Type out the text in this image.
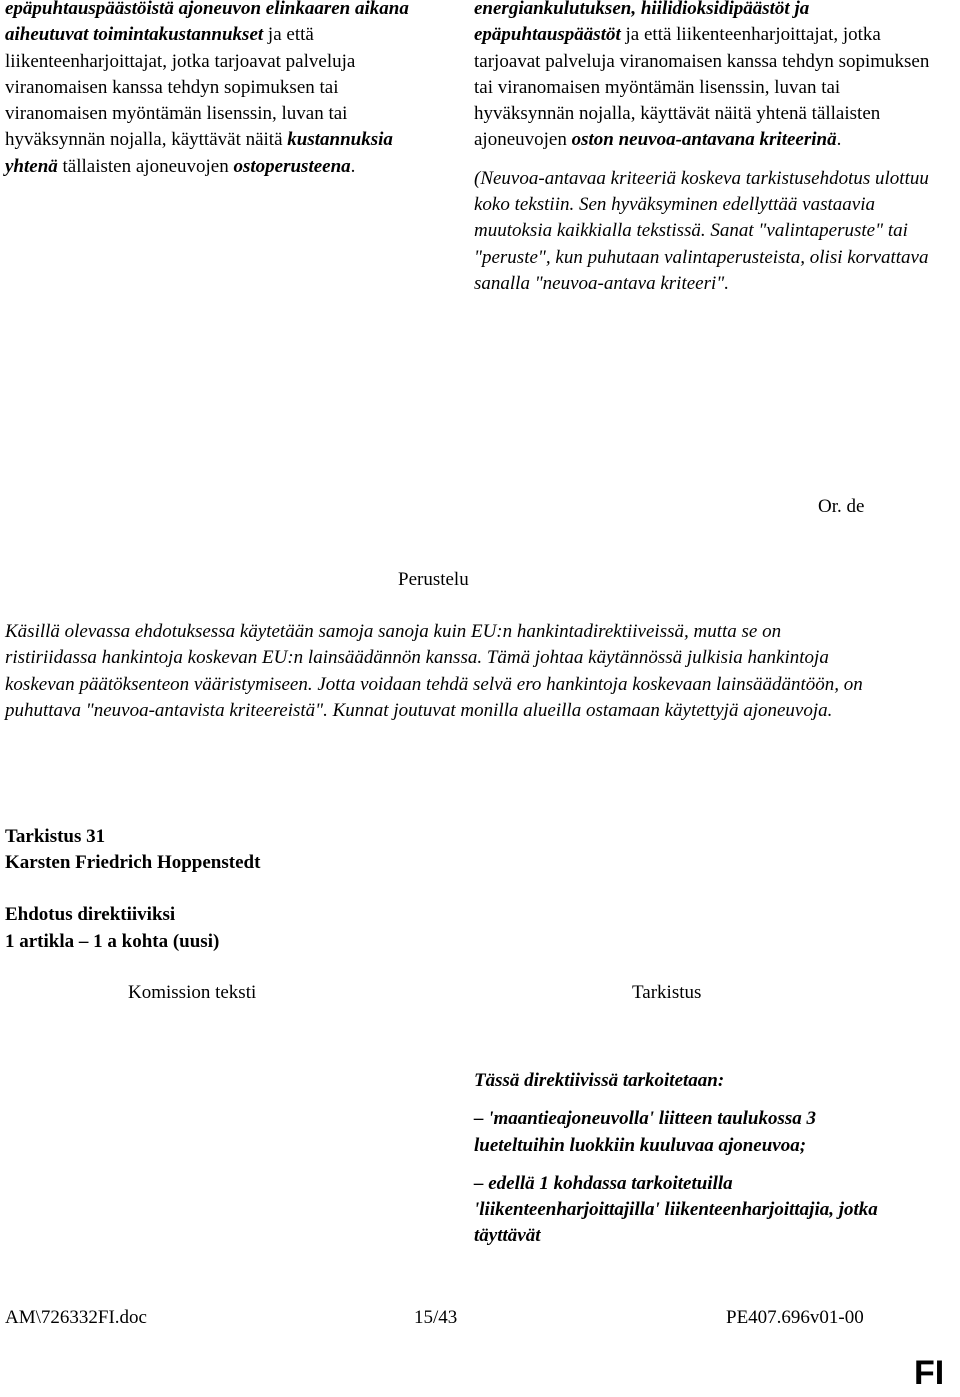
epäpuhtauspäästöistä ajoneuvon elinkaaren aikana aiheutuvat toimintakustannukset ja että liikenteenharjoittajat, jotka tarjoavat palveluja viranomaisen kanssa tehdyn sopimuksen tai viranomaisen myöntämän lisenssin, luvan tai hyväksynnän nojalla, käyttävät näitä kustannuksia yhtenä tällaisten ajoneuvojen ostoperusteena.

energiankulutuksen, hiilidioksidipäästöt ja epäpuhtauspäästöt ja että liikenteenharjoittajat, jotka tarjoavat palveluja viranomaisen kanssa tehdyn sopimuksen tai viranomaisen myöntämän lisenssin, luvan tai hyväksynnän nojalla, käyttävät näitä yhtenä tällaisten ajoneuvojen oston neuvoa-antavana kriteerinä.

(Neuvoa-antavaa kriteeriä koskeva tarkistusehdotus ulottuu koko tekstiin. Sen hyväksyminen edellyttää vastaavia muutoksia kaikkialla tekstissä. Sanat "valintaperuste" tai "peruste", kun puhutaan valintaperusteista, olisi korvattava sanalla "neuvoa-antava kriteeri".

Or. de
Perustelu

Käsillä olevassa ehdotuksessa käytetään samoja sanoja kuin EU:n hankintadirektiiveissä, mutta se on ristiriidassa hankintoja koskevan EU:n lainsäädännön kanssa. Tämä johtaa käytännössä julkisia hankintoja koskevan päätöksenteon vääristymiseen. Jotta voidaan tehdä selvä ero hankintoja koskevaan lainsäädäntöön, on puhuttava "neuvoa-antavista kriteereistä". Kunnat joutuvat monilla alueilla ostamaan käytettyjä ajoneuvoja.

Tarkistus 31
Karsten Friedrich Hoppenstedt
Ehdotus direktiiviksi
1 artikla – 1 a kohta (uusi)
Komission teksti	Tarkistus

Tässä direktiivissä tarkoitetaan:

– 'maantieajoneuvolla' liitteen taulukossa 3 lueteltuihin luokkiin kuuluvaa ajoneuvoa;

– edellä 1 kohdassa tarkoitetuilla 'liikenteenharjoittajilla' liikenteenharjoittajia, jotka täyttävät

AM\726332FI.doc	15/43	PE407.696v01-00
FI
